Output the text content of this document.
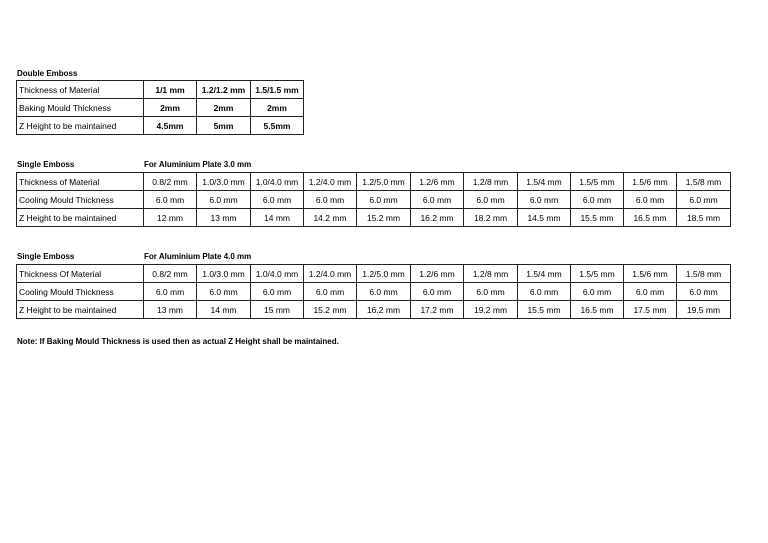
Double Emboss
Thickness of Material	1/1 mm	1.2/1.2 mm	1.5/1.5 mm
Baking Mould Thickness	2mm	2mm	2mm
Z Height to be maintained	4.5mm	5mm	5.5mm
Single Emboss	For Aluminium Plate 3.0 mm
Thickness of Material	0.8/2 mm	1.0/3.0 mm	1.0/4.0 mm	1.2/4.0 mm	1.2/5.0 mm	1.2/6 mm	1.2/8 mm	1.5/4 mm	1.5/5 mm	1.5/6 mm	1.5/8 mm
Cooling Mould Thickness	6.0 mm	6.0 mm	6.0 mm	6.0 mm	6.0 mm	6.0 mm	6.0 mm	6.0 mm	6.0 mm	6.0 mm	6.0 mm
Z Height to be maintained	12 mm	13 mm	14 mm	14.2 mm	15.2 mm	16.2 mm	18.2 mm	14.5 mm	15.5 mm	16.5 mm	18.5 mm
Single Emboss	For Aluminium Plate 4.0 mm
Thickness Of Material	0.8/2 mm	1.0/3.0 mm	1.0/4.0 mm	1.2/4.0 mm	1.2/5.0 mm	1.2/6 mm	1.2/8 mm	1.5/4 mm	1.5/5 mm	1.5/6 mm	1.5/8 mm
Cooling Mould Thickness	6.0 mm	6.0 mm	6.0 mm	6.0 mm	6.0 mm	6.0 mm	6.0 mm	6.0 mm	6.0 mm	6.0 mm	6.0 mm
Z Height to be maintained	13 mm	14 mm	15 mm	15.2 mm	16.2 mm	17.2 mm	19.2 mm	15.5 mm	16.5 mm	17.5 mm	19.5 mm
Note: If Baking Mould Thickness is used then as actual Z Height shall be maintained.
